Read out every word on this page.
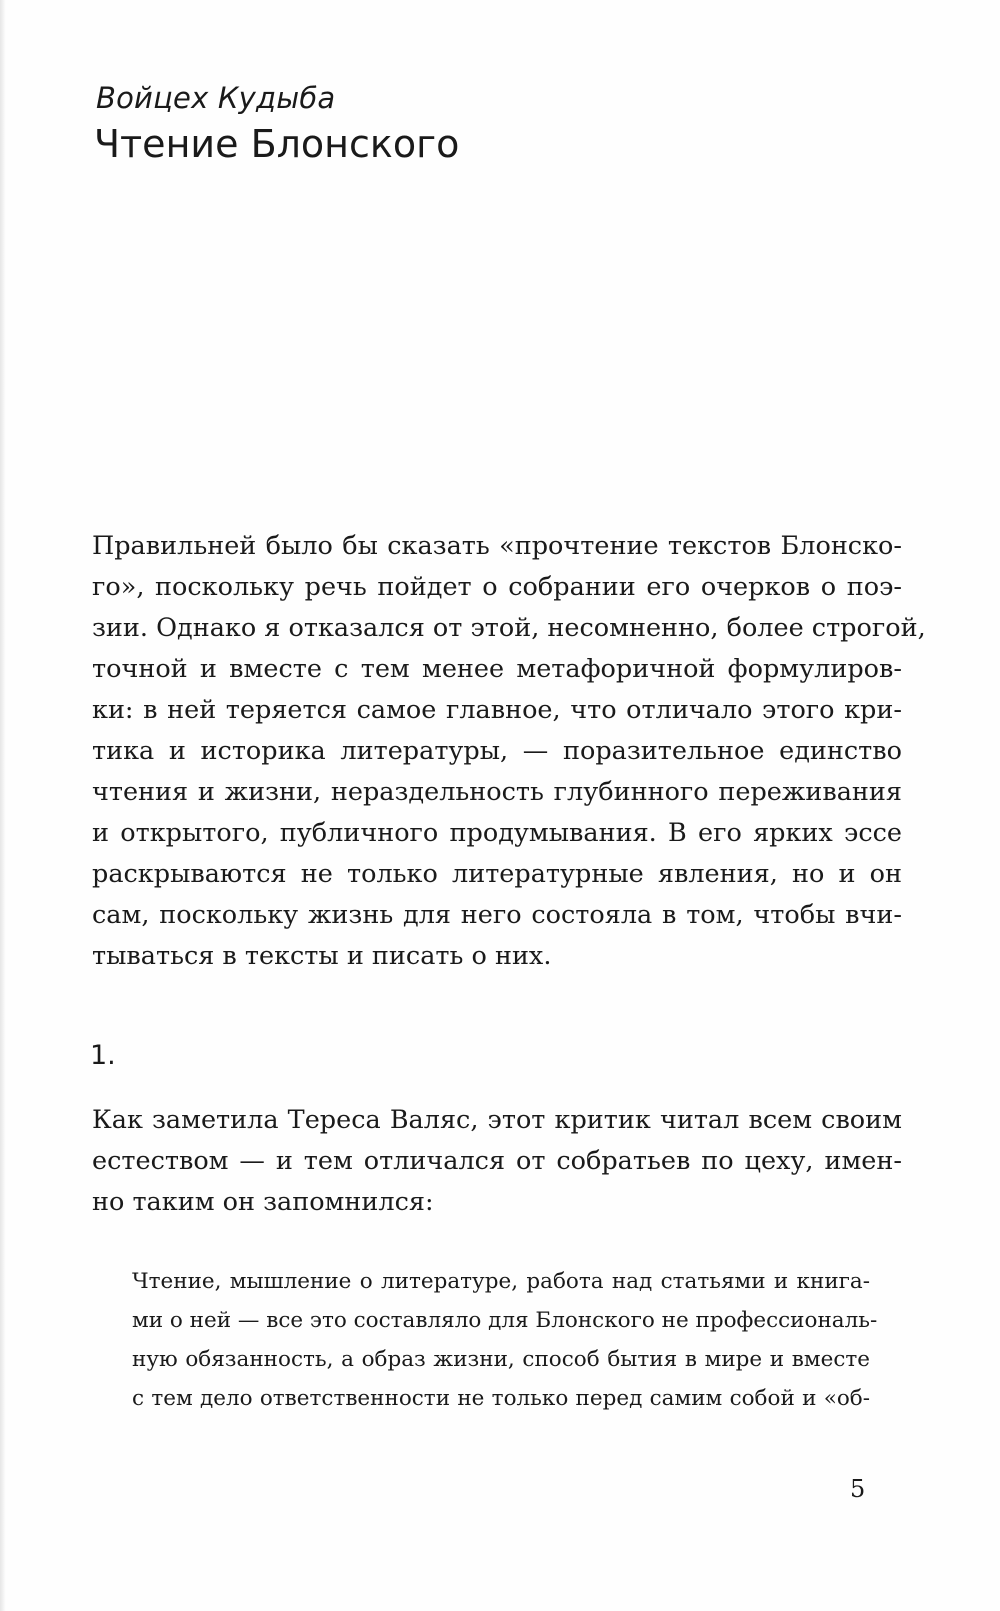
Войцех Кудыба
Чтение Блонского
Правильней было бы сказать «прочтение текстов Блонско-
го», поскольку речь пойдет о собрании его очерков о поэ-
зии. Однако я отказался от этой, несомненно, более строгой,
точной и вместе с тем менее метафоричной формулиров-
ки: в ней теряется самое главное, что отличало этого кри-
тика и историка литературы, — поразительное единство
чтения и жизни, нераздельность глубинного переживания
и открытого, публичного продумывания. В его ярких эссе
раскрываются не только литературные явления, но и он
сам, поскольку жизнь для него состояла в том, чтобы вчи-
тываться в тексты и писать о них.
1.
Как заметила Тереса Валяс, этот критик читал всем своим
естеством — и тем отличался от собратьев по цеху, имен-
но таким он запомнился:
Чтение, мышление о литературе, работа над статьями и книга-
ми о ней — все это составляло для Блонского не профессиональ-
ную обязанность, а образ жизни, способ бытия в мире и вместе
с тем дело ответственности не только перед самим собой и «об-
5
